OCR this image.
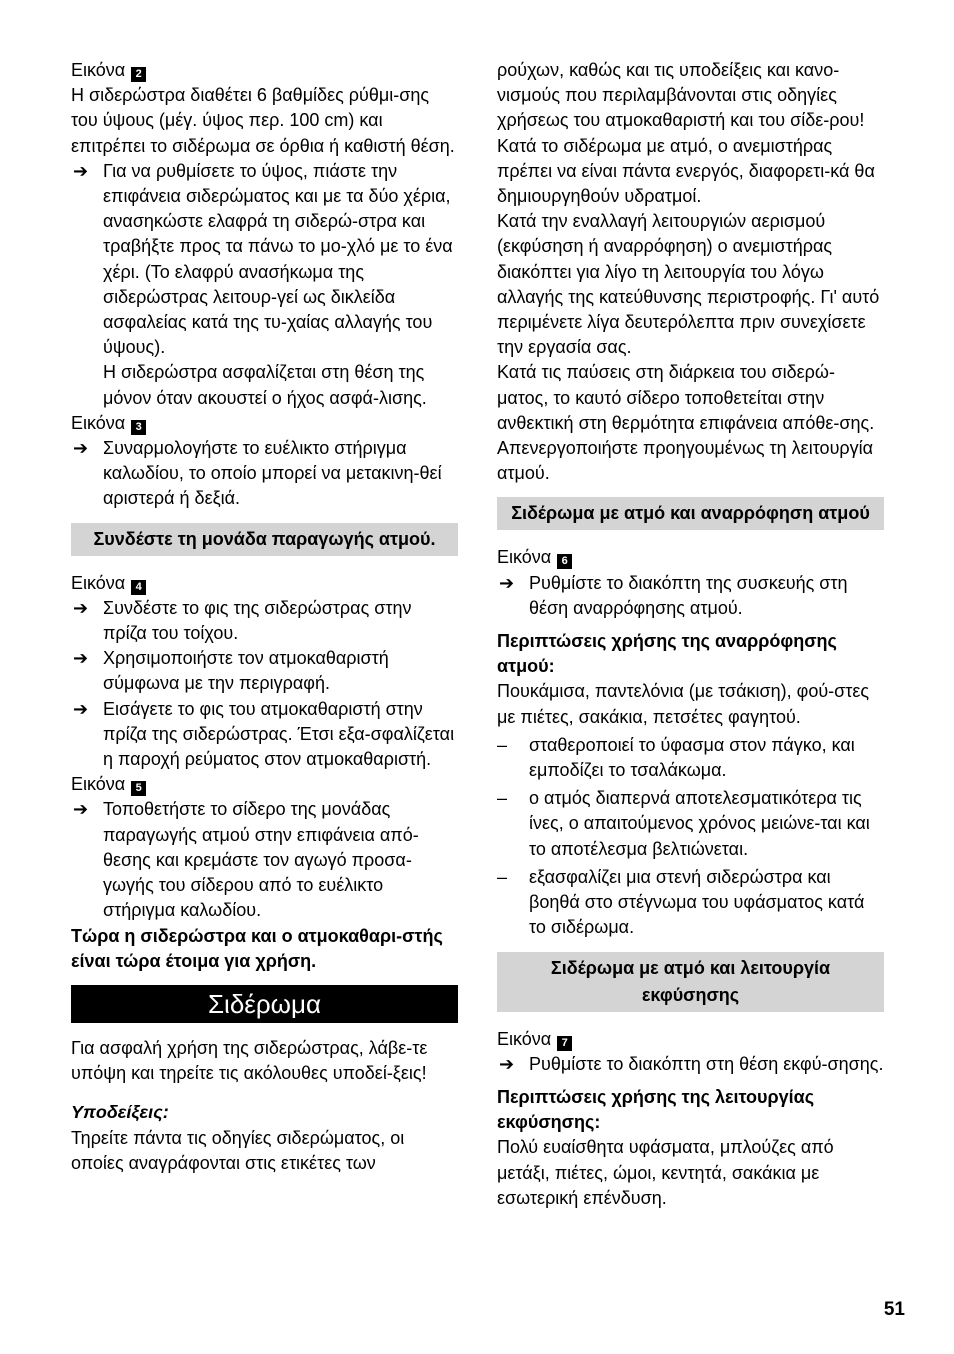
Εικόνα 2

Η σιδερώστρα διαθέτει 6 βαθμίδες ρύθμι-σης του ύψους (μέγ. ύψος περ. 100 cm) και επιτρέπει το σιδέρωμα σε όρθια ή καθιστή θέση.

➔ Για να ρυθμίσετε το ύψος, πιάστε την επιφάνεια σιδερώματος και με τα δύο χέρια, ανασηκώστε ελαφρά τη σιδερώ-στρα και τραβήξτε προς τα πάνω το μο-χλό με το ένα χέρι. (Το ελαφρύ ανασήκωμα της σιδερώστρας λειτουρ-γεί ως δικλείδα ασφαλείας κατά της τυ-χαίας αλλαγής του ύψους).

Η σιδερώστρα ασφαλίζεται στη θέση της μόνον όταν ακουστεί ο ήχος ασφά-λισης.

Εικόνα 3

➔ Συναρμολογήστε το ευέλικτο στήριγμα καλωδίου, το οποίο μπορεί να μετακινη-θεί αριστερά ή δεξιά.

Συνδέστε τη μονάδα παραγωγής ατμού.

Εικόνα 4

➔ Συνδέστε το φις της σιδερώστρας στην πρίζα του τοίχου.

➔ Χρησιμοποιήστε τον ατμοκαθαριστή σύμφωνα με την περιγραφή.

➔ Εισάγετε το φις του ατμοκαθαριστή στην πρίζα της σιδερώστρας. Έτσι εξα-σφαλίζεται η παροχή ρεύματος στον ατμοκαθαριστή.

Εικόνα 5

➔ Τοποθετήστε το σίδερο της μονάδας παραγωγής ατμού στην επιφάνεια από-θεσης και κρεμάστε τον αγωγό προσα-γωγής του σίδερου από το ευέλικτο στήριγμα καλωδίου.

Τώρα η σιδερώστρα και ο ατμοκαθαρι-στής είναι τώρα έτοιμα για χρήση.

Σιδέρωμα

Για ασφαλή χρήση της σιδερώστρας, λάβε-τε υπόψη και τηρείτε τις ακόλουθες υποδεί-ξεις!

Υποδείξεις:

Τηρείτε πάντα τις οδηγίες σιδερώματος, οι οποίες αναγράφονται στις ετικέτες των

ρούχων, καθώς και τις υποδείξεις και κανο-νισμούς που περιλαμβάνονται στις οδηγίες χρήσεως του ατμοκαθαριστή και του σίδε-ρου!

Κατά το σιδέρωμα με ατμό, ο ανεμιστήρας πρέπει να είναι πάντα ενεργός, διαφορετι-κά θα δημιουργηθούν υδρατμοί.

Κατά την εναλλαγή λειτουργιών αερισμού (εκφύσηση ή αναρρόφηση) ο ανεμιστήρας διακόπτει για λίγο τη λειτουργία του λόγω αλλαγής της κατεύθυνσης περιστροφής. Γι' αυτό περιμένετε λίγα δευτερόλεπτα πριν συνεχίσετε την εργασία σας.

Κατά τις παύσεις στη διάρκεια του σιδερώ-ματος, το καυτό σίδερο τοποθετείται στην ανθεκτική στη θερμότητα επιφάνεια απόθε-σης. Απενεργοποιήστε προηγουμένως τη λειτουργία ατμού.

Σιδέρωμα με ατμό και αναρρόφηση ατμού

Εικόνα 6

➔ Ρυθμίστε το διακόπτη της συσκευής στη θέση αναρρόφησης ατμού.

Περιπτώσεις χρήσης της αναρρόφησης ατμού:

Πουκάμισα, παντελόνια (με τσάκιση), φού-στες με πιέτες, σακάκια, πετσέτες φαγητού.

– σταθεροποιεί το ύφασμα στον πάγκο, και εμποδίζει το τσαλάκωμα.

– ο ατμός διαπερνά αποτελεσματικότερα τις ίνες, ο απαιτούμενος χρόνος μειώνε-ται και το αποτέλεσμα βελτιώνεται.

– εξασφαλίζει μια στενή σιδερώστρα και βοηθά στο στέγνωμα του υφάσματος κατά το σιδέρωμα.

Σιδέρωμα με ατμό και λειτουργία εκφύσησης

Εικόνα 7

➔ Ρυθμίστε το διακόπτη στη θέση εκφύ-σησης.

Περιπτώσεις χρήσης της λειτουργίας εκφύσησης:

Πολύ ευαίσθητα υφάσματα, μπλούζες από μετάξι, πιέτες, ώμοι, κεντητά, σακάκια με εσωτερική επένδυση.

51
